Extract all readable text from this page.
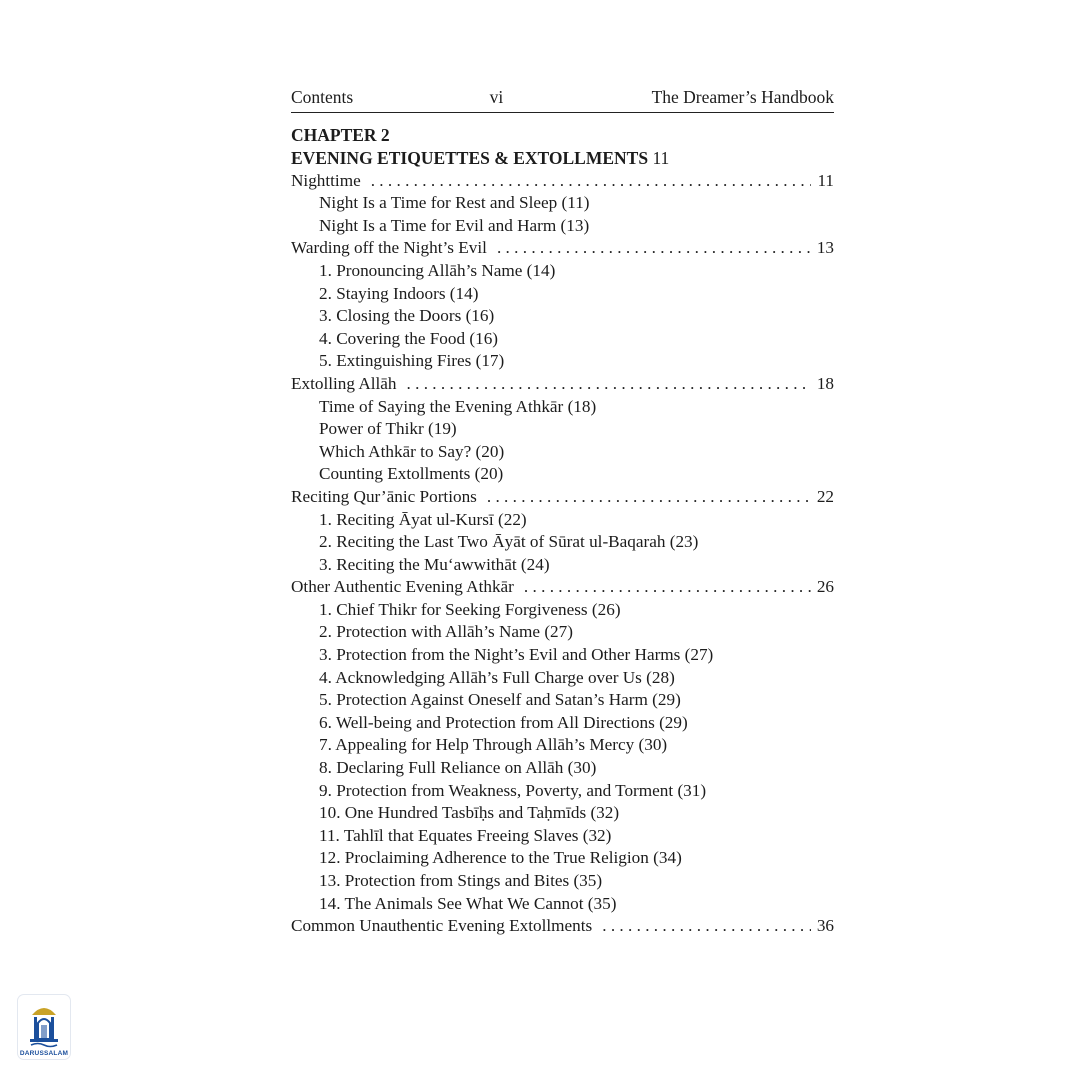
Contents	vi	The Dreamer’s Handbook
CHAPTER 2
EVENING ETIQUETTES & EXTOLLMENTS 11
Nighttime . . .	11
Night Is a Time for Rest and Sleep (11)
Night Is a Time for Evil and Harm (13)
Warding off the Night’s Evil . . .	13
1. Pronouncing Allāh’s Name (14)
2. Staying Indoors (14)
3. Closing the Doors (16)
4. Covering the Food (16)
5. Extinguishing Fires (17)
Extolling Allāh . . .	18
Time of Saying the Evening Athkār (18)
Power of Thikr (19)
Which Athkār to Say? (20)
Counting Extollments (20)
Reciting Qur’ānic Portions . . .	22
1. Reciting Āyat ul-Kursī (22)
2. Reciting the Last Two Āyāt of Sūrat ul-Baqarah (23)
3. Reciting the Mu‘awwithāt (24)
Other Authentic Evening Athkār . . .	26
1. Chief Thikr for Seeking Forgiveness (26)
2. Protection with Allāh’s Name (27)
3. Protection from the Night’s Evil and Other Harms (27)
4. Acknowledging Allāh’s Full Charge over Us (28)
5. Protection Against Oneself and Satan’s Harm (29)
6. Well-being and Protection from All Directions (29)
7. Appealing for Help Through Allāh’s Mercy (30)
8. Declaring Full Reliance on Allāh (30)
9. Protection from Weakness, Poverty, and Torment (31)
10. One Hundred Tasbīḥs and Taḥmīds (32)
11. Tahlīl that Equates Freeing Slaves (32)
12. Proclaiming Adherence to the True Religion (34)
13. Protection from Stings and Bites (35)
14. The Animals See What We Cannot (35)
Common Unauthentic Evening Extollments . . .	36
DARUSSALAM
